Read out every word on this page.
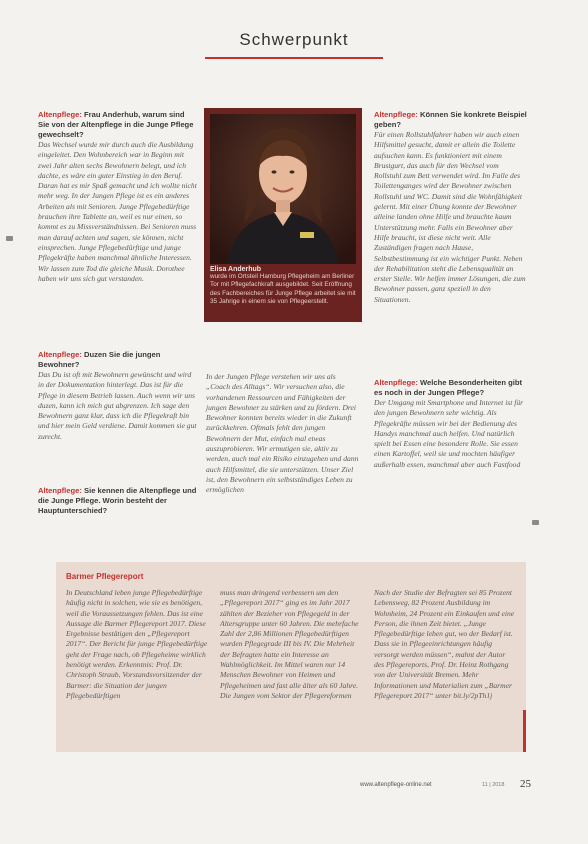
Schwerpunkt

Altenpflege: Frau Anderhub, warum sind Sie von der Altenpflege in die Junge Pflege gewechselt?

Das Wechsel wurde mir durch auch die Ausbildung eingeleitet. Den Wohnbereich war in Beginn mit zwei Jahr alten sechs Bewohnern belegt, und ich dachte, es wäre ein guter Einstieg in den Beruf. Daran hat es mir Spaß gemacht und ich wollte nicht mehr weg. In der Jungen Pflege ist es ein anderes Arbeiten als mit Senioren. Junge Pflegebedürftige brauchen ihre Tablette an, weil es nur einen, so kommt es zu Missverständnissen. Bei Senioren muss man darauf achten und sagen, sie können, nicht einsprechen. Junge Pflegebedürftige und junge Pflegekräfte haben manchmal ähnliche Interessen. Wir lassen zum Tod die gleiche Musik. Dorothee haben wir uns sich gut verstanden.

Altenpflege: Duzen Sie die jungen Bewohner?

Das Du ist oft mit Bewohnern gewünscht und wird in der Dokumentation hinterlegt. Das ist für die Pflege in diesem Betrieb lassen. Auch wenn wir uns duzen, kann ich mich gut abgrenzen. Ich sage den Bewohnern ganz klar, dass ich die Pflegekraft bin und hier mein Geld verdiene. Damit kommen sie gut zurecht.

Altenpflege: Sie kennen die Altenpflege und die Junge Pflege. Worin besteht der Hauptunterschied?

Elisa Anderhub

wurde im Ortsteil Hamburg Pflegeheim am Berliner Tor mit Pflegefachkraft ausgebildet. Seit Eröffnung des Fachbereiches für Junge Pflege arbeitet sie mit 35 Jahrige in einem sie von Pflegeerstellt.

In der Jungen Pflege verstehen wir uns als „Coach des Alltags“. Wir versuchen also, die vorhandenen Ressourcen und Fähigkeiten der jungen Bewohner zu stärken und zu fördern. Drei Bewohner konnten bereits wieder in die Zukunft zurückkehren. Oftmals fehlt den jungen Bewohnern der Mut, einfach mal etwas auszuprobieren. Wir ermutigen sie, aktiv zu werden, auch mal ein Risiko einzugehen und dann auch Hilfsmittel, die sie unterstützen. Unser Ziel ist, den Bewohnern ein selbstständiges Leben zu ermöglichen

Altenpflege: Können Sie konkrete Beispiel geben?

Für einen Rollstuhlfahrer haben wir auch einen Hilfsmittel gesucht, damit er allein die Toilette aufsuchen kann. Es funktioniert mit einem Brustgurt, das auch für den Wechsel vom Rollstuhl zum Bett verwendet wird. Im Falle des Toilettenganges wird der Bewohner zwischen Rollstuhl und WC. Damit sind die Wohnfähigkeit gelernt. Mit einer Übung konnte der Bewohner alleine landen ohne Hilfe und brauchte kaum Unterstützung mehr. Falls ein Bewohner aber Hilfe braucht, ist diese nicht weit. Alle Zuständigen fragen nach Hause, Selbstbestimmung ist ein wichtiger Punkt. Neben der Rehabilitation steht die Lebensqualität an erster Stelle. Wir helfen immer Lösungen, die zum Bewohner passen, ganz speziell in den Situationen.

Altenpflege: Welche Besonderheiten gibt es noch in der Jungen Pflege?

Der Umgang mit Smartphone und Internet ist für den jungen Bewohnern sehr wichtig. Als Pflegekräfte müssen wir bei der Bedienung des Handys manchmal auch helfen. Und natürlich spielt bei Essen eine besondere Rolle. Sie essen einen Kartoffel, weil sie und mochten häufiger außerhalb essen, manchmal aber auch Fastfood

Barmer Pflegereport

In Deutschland leben junge Pflegebedürftige häufig nicht in solchen, wie sie es benötigen, weil die Voraussetzungen fehlen. Das ist eine Aussage die Barmer Pflegereport 2017. Diese Ergebnisse bestätigen den „Pflegereport 2017“. Der Bericht für junge Pflegebedürftige geht der Frage nach, ob Pflegeheime wirklich benötigt werden. Erkenntnis: Prof. Dr. Christoph Straub, Vorstandsvorsitzender der Barmer: die Situation der jungen Pflegebedürftigen

muss man dringend verbessern um den „Pflegereport 2017“ ging es im Jahr 2017 zählten der Bezieher von Pflegegeld in der Altersgruppe unter 60 Jahren. Die mehrfache Zahl der 2,86 Millionen Pflegebedürftigen wurden Pflegegrade III bis IV. Die Mehrheit der Befragten hatte ein Interesse an Wahlmöglichkeit. Im Mittel waren nur 14 Menschen Bewohner von Heimen und Pflegeheimen und fast alle älter als 60 Jahre. Die Jungen vom Sektor der Pflegereformen

Nach der Studie der Befragten sei 85 Prozent Lebensweg, 82 Prozent Ausbildung im Wohnheim, 24 Prozent ein Einkaufen und eine Person, die ihnen Zeit bietet. „Junge Pflegebedürftige leben gut, wo der Bedarf ist. Dass sie in Pflegeeinrichtungen häufig versorgt werden müssen“, mahnt der Autor des Pflegereports, Prof. Dr. Heinz Rothgang von der Universität Bremen. Mehr Informationen und Materialien zum „Barmer Pflegereport 2017“ unter bit.ly/2pTh1j

www.altenpflege-online.net	11 | 2018 25
